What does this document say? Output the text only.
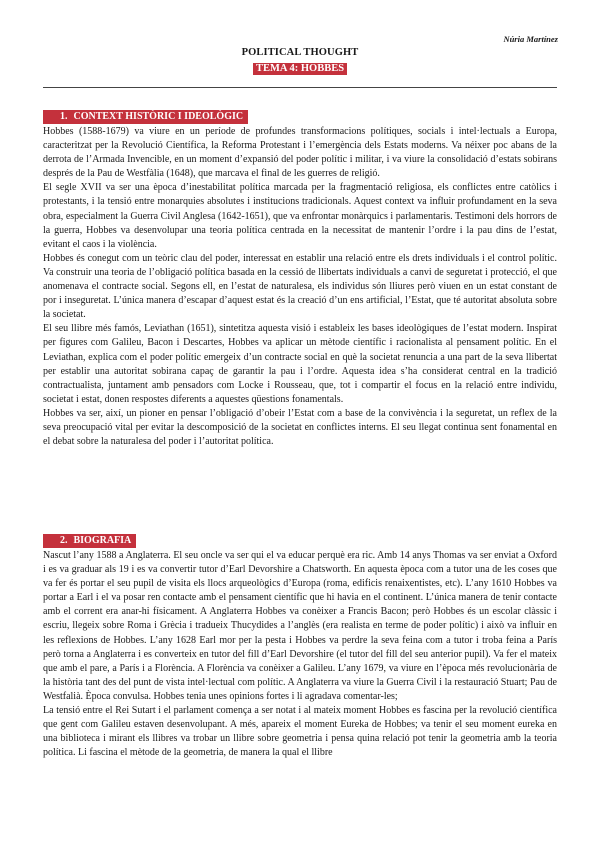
Núria Martínez
POLITICAL THOUGHT
TEMA 4: HOBBES
1. CONTEXT HISTÒRIC I IDEOLÒGIC

Hobbes (1588-1679) va viure en un període de profundes transformacions polítiques, socials i intel·lectuals a Europa, caracteritzat per la Revolució Científica, la Reforma Protestant i l’emergència dels Estats moderns. Va néixer poc abans de la derrota de l’Armada Invencible, en un moment d’expansió del poder polític i militar, i va viure la consolidació d’estats sobirans després de la Pau de Westfàlia (1648), que marcava el final de les guerres de religió.

El segle XVII va ser una època d’inestabilitat política marcada per la fragmentació religiosa, els conflictes entre catòlics i protestants, i la tensió entre monarquies absolutes i institucions tradicionals. Aquest context va influir profundament en la seva obra, especialment la Guerra Civil Anglesa (1642-1651), que va enfrontar monàrquics i parlamentaris. Testimoni dels horrors de la guerra, Hobbes va desenvolupar una teoria política centrada en la necessitat de mantenir l’ordre i la pau dins de l’estat, evitant el caos i la violència.

Hobbes és conegut com un teòric clau del poder, interessat en establir una relació entre els drets individuals i el control polític. Va construir una teoria de l’obligació política basada en la cessió de llibertats individuals a canvi de seguretat i protecció, el que anomenava el contracte social. Segons ell, en l’estat de naturalesa, els individus són lliures però viuen en un estat constant de por i inseguretat. L’única manera d’escapar d’aquest estat és la creació d’un ens artificial, l’Estat, que té autoritat absoluta sobre la societat.

El seu llibre més famós, Leviathan (1651), sintetitza aquesta visió i estableix les bases ideològiques de l’estat modern. Inspirat per figures com Galileu, Bacon i Descartes, Hobbes va aplicar un mètode científic i racionalista al pensament polític. En el Leviathan, explica com el poder polític emergeix d’un contracte social en què la societat renuncia a una part de la seva llibertat per establir una autoritat sobirana capaç de garantir la pau i l’ordre. Aquesta idea s’ha considerat central en la tradició contractualista, juntament amb pensadors com Locke i Rousseau, que, tot i compartir el focus en la relació entre individu, societat i estat, donen respostes diferents a aquestes qüestions fonamentals.

Hobbes va ser, així, un pioner en pensar l’obligació d’obeir l’Estat com a base de la convivència i la seguretat, un reflex de la seva preocupació vital per evitar la descomposició de la societat en conflictes interns. El seu llegat continua sent fonamental en el debat sobre la naturalesa del poder i l’autoritat política.

2. BIOGRAFIA

Nascut l’any 1588 a Anglaterra. El seu oncle va ser qui el va educar perquè era ric. Amb 14 anys Thomas va ser enviat a Oxford i es va graduar als 19 i es va convertir tutor d’Earl Devorshire a Chatsworth. En aquesta època com a tutor una de les coses que va fer és portar el seu pupil de visita els llocs arqueològics d’Europa (roma, edificis renaixentistes, etc). L’any 1610 Hobbes va portar a Earl i el va posar ren contacte amb el pensament científic que hi havia en el continent. L’única manera de tenir contacte amb el corrent era anar-hi físicament. A Anglaterra Hobbes va conèixer a Francis Bacon; però Hobbes és un escolar clàssic i escriu, llegeix sobre Roma i Grècia i tradueix Thucydides a l’anglès (era realista en terme de poder polític) i això va influir en les reflexions de Hobbes. L’any 1628 Earl mor per la pesta i Hobbes va perdre la seva feina com a tutor i troba feina a París però torna a Anglaterra i es converteix en tutor del fill d’Earl Devorshire (el tutor del fill del seu anterior pupil). Va fer el mateix que amb el pare, a París i a Florència. A Florència va conèixer a Galileu. L’any 1679, va viure en l’època més revolucionària de la història tant des del punt de vista intel·lectual com polític. A Anglaterra va viure la Guerra Civil i la restauració Stuart; Pau de Westfalià. Època convulsa. Hobbes tenia unes opinions fortes i li agradava comentar-les;

La tensió entre el Rei Sutart i el parlament comença a ser notat i al mateix moment Hobbes es fascina per la revolució científica que gent com Galileu estaven desenvolupant. A més, apareix el moment Eureka de Hobbes; va tenir el seu moment eureka en una biblioteca i mirant els llibres va trobar un llibre sobre geometria i pensa quina relació pot tenir la geometria amb la teoria política. Li fascina el mètode de la geometria, de manera la qual el llibre
